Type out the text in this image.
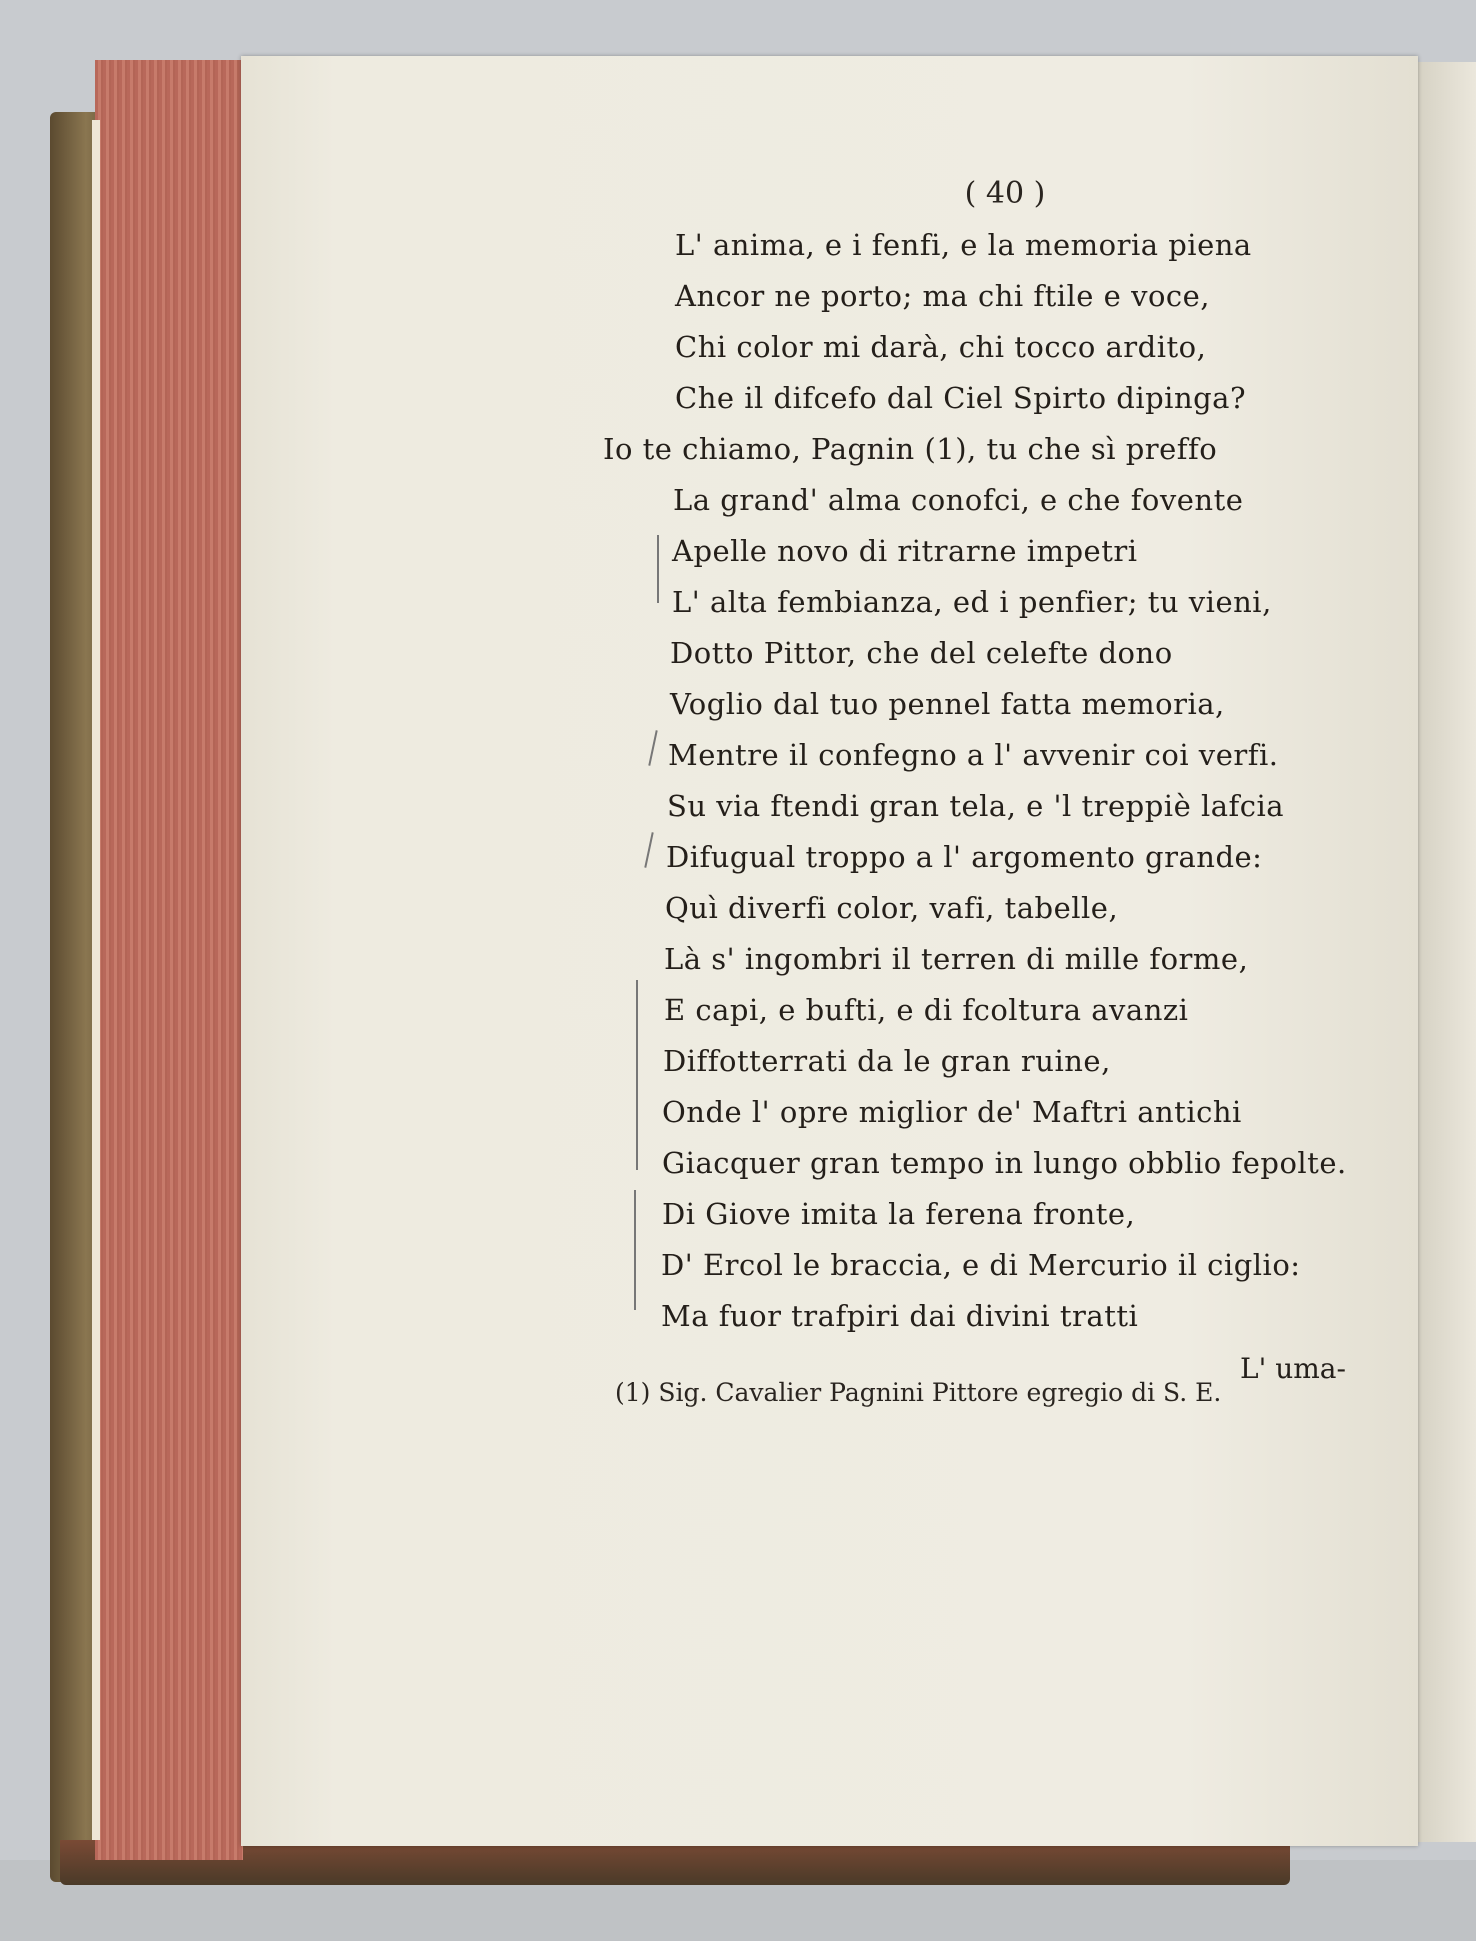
( 40 )
L' anima, e i fenfi, e la memoria piena
Ancor ne porto; ma chi ftile e voce,
Chi color mi darà, chi tocco ardito,
Che il difcefo dal Ciel Spirto dipinga?
Io te chiamo, Pagnin (1), tu che sì preffo
La grand' alma conofci, e che fovente
Apelle novo di ritrarne impetri
L' alta fembianza, ed i penfier; tu vieni,
Dotto Pittor, che del celefte dono
Voglio dal tuo pennel fatta memoria,
Mentre il confegno a l' avvenir coi verfi.
Su via ftendi gran tela, e 'l treppiè lafcia
Difugual troppo a l' argomento grande:
Quì diverfi color, vafi, tabelle,
Là s' ingombri il terren di mille forme,
E capi, e bufti, e di fcoltura avanzi
Diffotterrati da le gran ruine,
Onde l' opre miglior de' Maftri antichi
Giacquer gran tempo in lungo obblio fepolte.
Di Giove imita la ferena fronte,
D' Ercol le braccia, e di Mercurio il ciglio:
Ma fuor trafpiri dai divini tratti
L' uma-
(1) Sig. Cavalier Pagnini Pittore egregio di S. E.
